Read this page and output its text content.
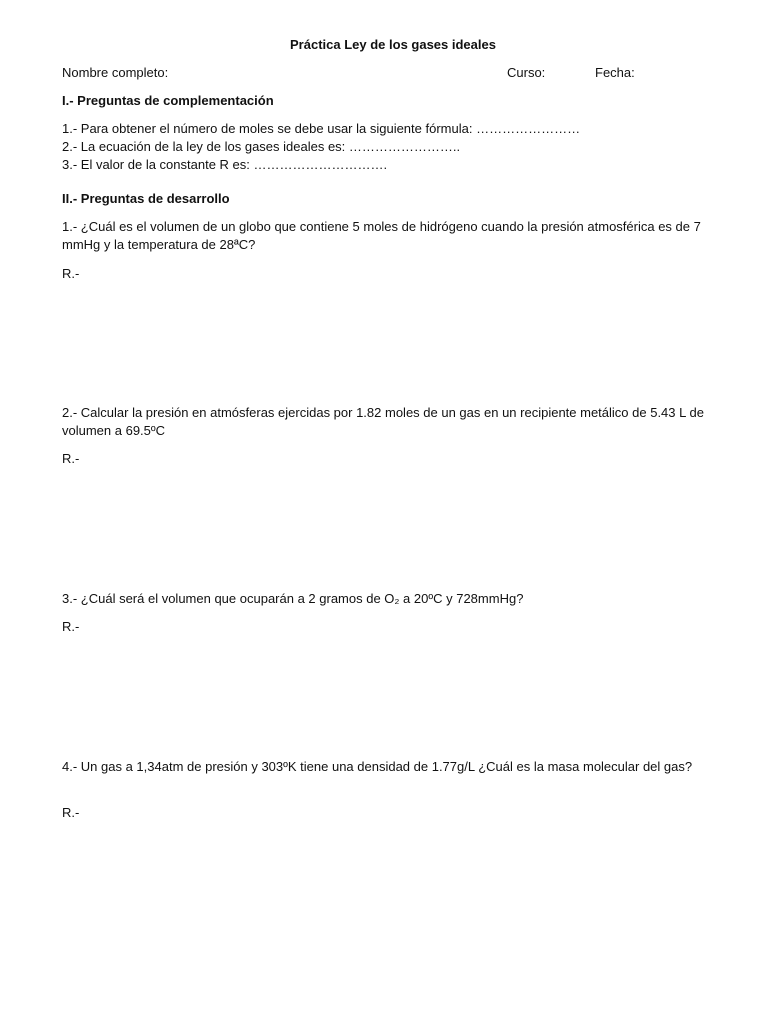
Práctica Ley de los gases ideales
Nombre completo:	Curso:	Fecha:
I.- Preguntas de complementación
1.- Para obtener el número de moles se debe usar la siguiente fórmula: ……………………
2.- La ecuación de la ley de los gases ideales es: ……………………..
3.- El valor de la constante R es: ………………………….
II.- Preguntas de desarrollo
1.- ¿Cuál es el volumen de un globo que contiene 5 moles de hidrógeno cuando la presión atmosférica es de 7 mmHg y la temperatura de 28ªC?
R.-
2.- Calcular la presión en atmósferas ejercidas por 1.82 moles de un gas en un recipiente metálico de 5.43 L de volumen a 69.5ºC
R.-
3.- ¿Cuál será el volumen que ocuparán a 2 gramos de O₂ a 20ºC y 728mmHg?
R.-
4.- Un gas a 1,34atm de presión y 303ºK tiene una densidad de 1.77g/L ¿Cuál es la masa molecular del gas?
R.-
